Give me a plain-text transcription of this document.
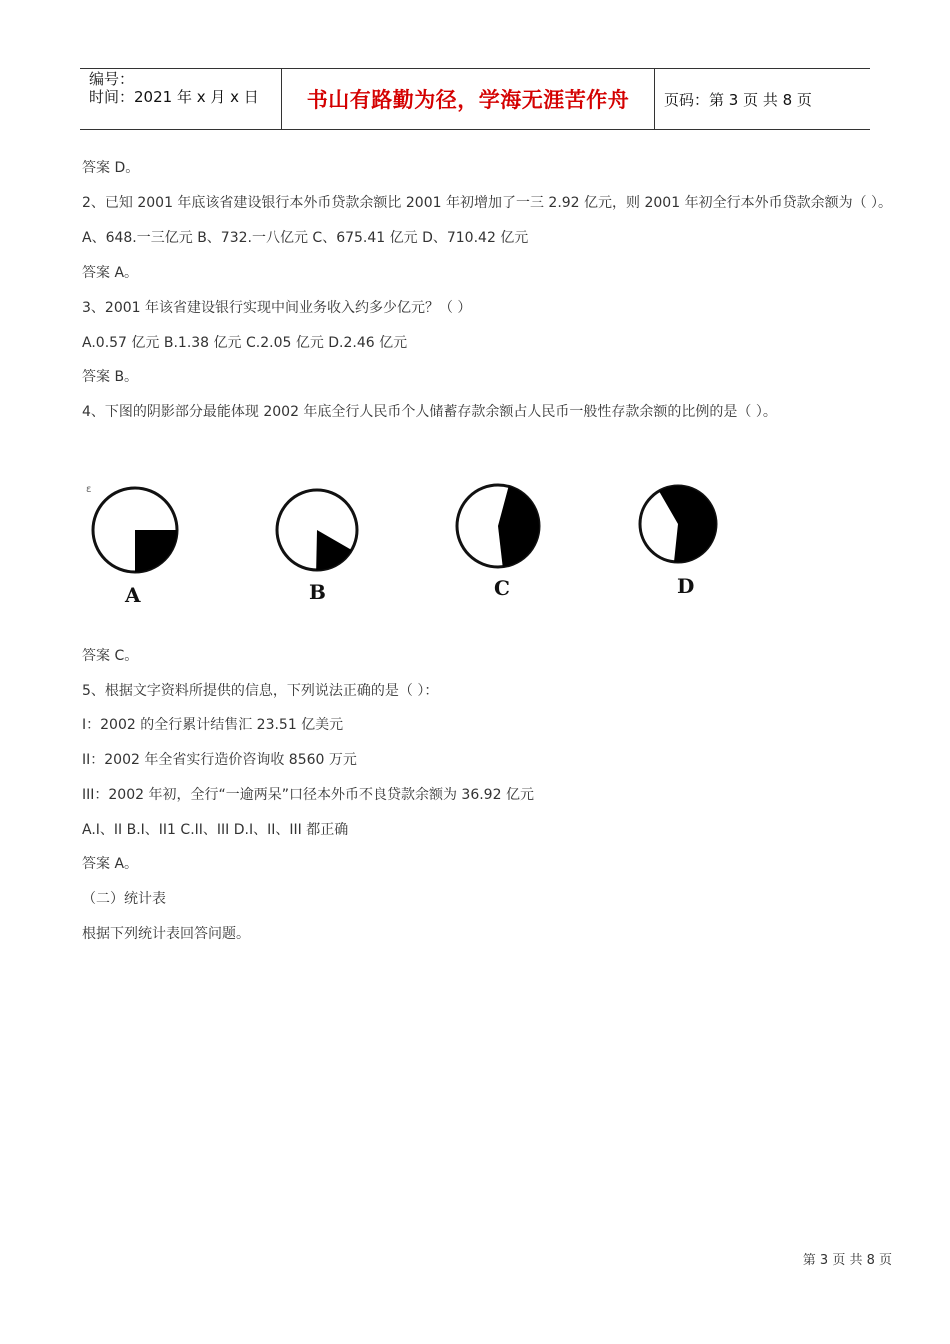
编号：
时间：2021 年 x 月 x 日	书山有路勤为径，学海无涯苦作舟	页码：第 3 页 共 8 页
答案 D。
2、已知 2001 年底该省建设银行本外币贷款余额比 2001 年初增加了一三 2.92 亿元，则 2001 年初全行本外币贷款余额为（ ）。
A、648.一三亿元 B、732.一八亿元 C、675.41 亿元 D、710.42 亿元
答案 A。
3、2001 年该省建设银行实现中间业务收入约多少亿元？（ ）
A.0.57 亿元 B.1.38 亿元 C.2.05 亿元 D.2.46 亿元
答案 B。
4、下图的阴影部分最能体现 2002 年底全行人民币个人储蓄存款余额占人民币一般性存款余额的比例的是（ ）。
ε
A	B	C	D
答案 C。
5、根据文字资料所提供的信息，下列说法正确的是（ ）：
I：2002 的全行累计结售汇 23.51 亿美元
II：2002 年全省实行造价咨询收 8560 万元
III：2002 年初，全行“一逾两呆”口径本外币不良贷款余额为 36.92 亿元
A.I、II B.I、II1 C.II、III D.I、II、III 都正确
答案 A。
（二）统计表
根据下列统计表回答问题。
第 3 页 共 8 页
